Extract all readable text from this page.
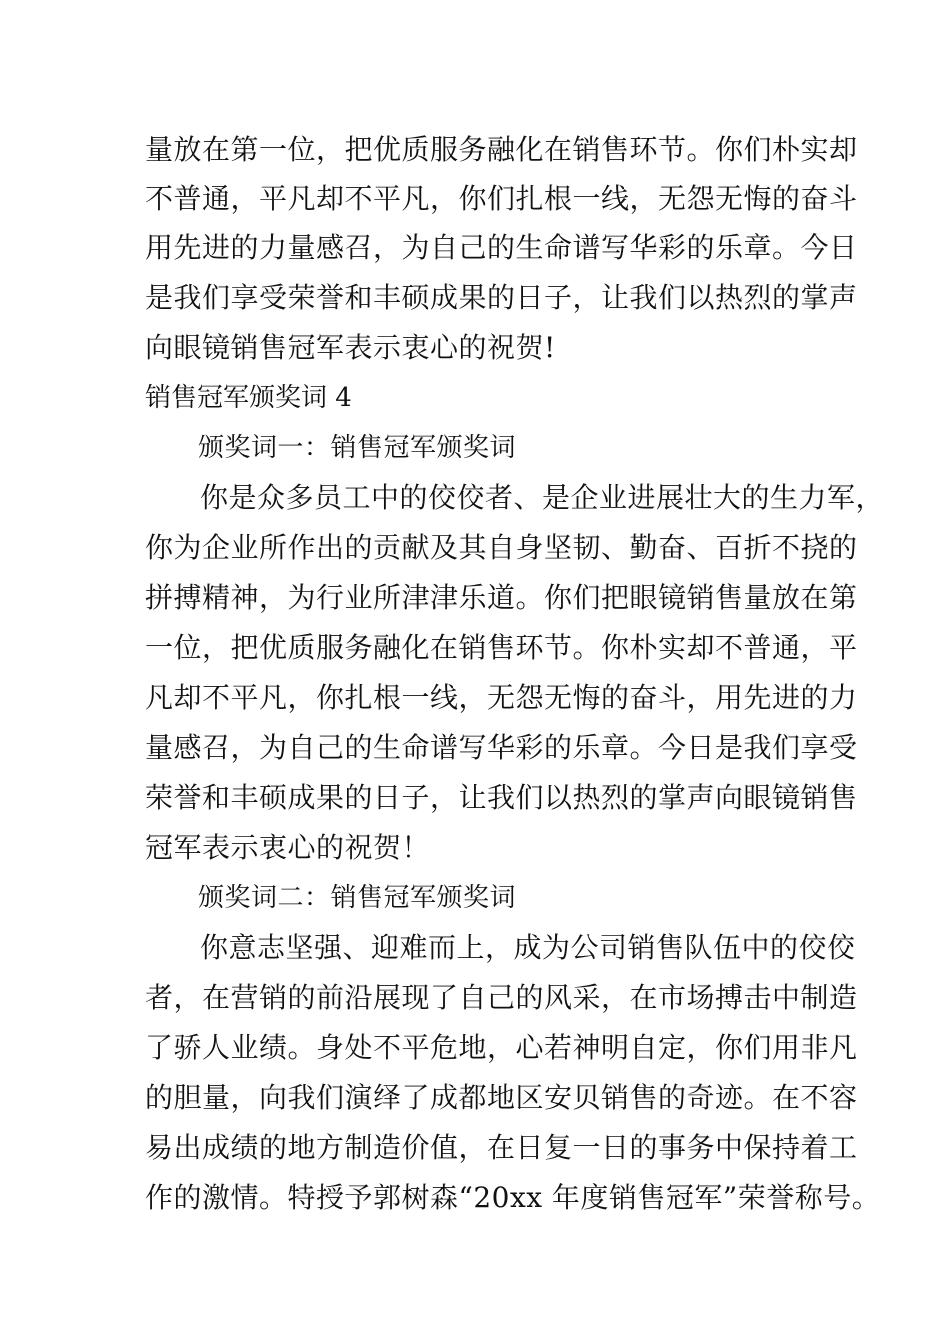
量放在第一位，把优质服务融化在销售环节。你们朴实却
不普通，平凡却不平凡，你们扎根一线，无怨无悔的奋斗
用先进的力量感召，为自己的生命谱写华彩的乐章。今日
是我们享受荣誉和丰硕成果的日子，让我们以热烈的掌声
向眼镜销售冠军表示衷心的祝贺!
销售冠军颁奖词 4
颁奖词一：销售冠军颁奖词
你是众多员工中的佼佼者、是企业进展壮大的生力军，
你为企业所作出的贡献及其自身坚韧、勤奋、百折不挠的
拼搏精神，为行业所津津乐道。你们把眼镜销售量放在第
一位，把优质服务融化在销售环节。你朴实却不普通，平
凡却不平凡，你扎根一线，无怨无悔的奋斗，用先进的力
量感召，为自己的生命谱写华彩的乐章。今日是我们享受
荣誉和丰硕成果的日子，让我们以热烈的掌声向眼镜销售
冠军表示衷心的祝贺！
颁奖词二：销售冠军颁奖词
你意志坚强、迎难而上，成为公司销售队伍中的佼佼
者，在营销的前沿展现了自己的风采，在市场搏击中制造
了骄人业绩。身处不平危地，心若神明自定，你们用非凡
的胆量，向我们演绎了成都地区安贝销售的奇迹。在不容
易出成绩的地方制造价值，在日复一日的事务中保持着工
作的激情。特授予郭树森“20xx 年度销售冠军”荣誉称号。
